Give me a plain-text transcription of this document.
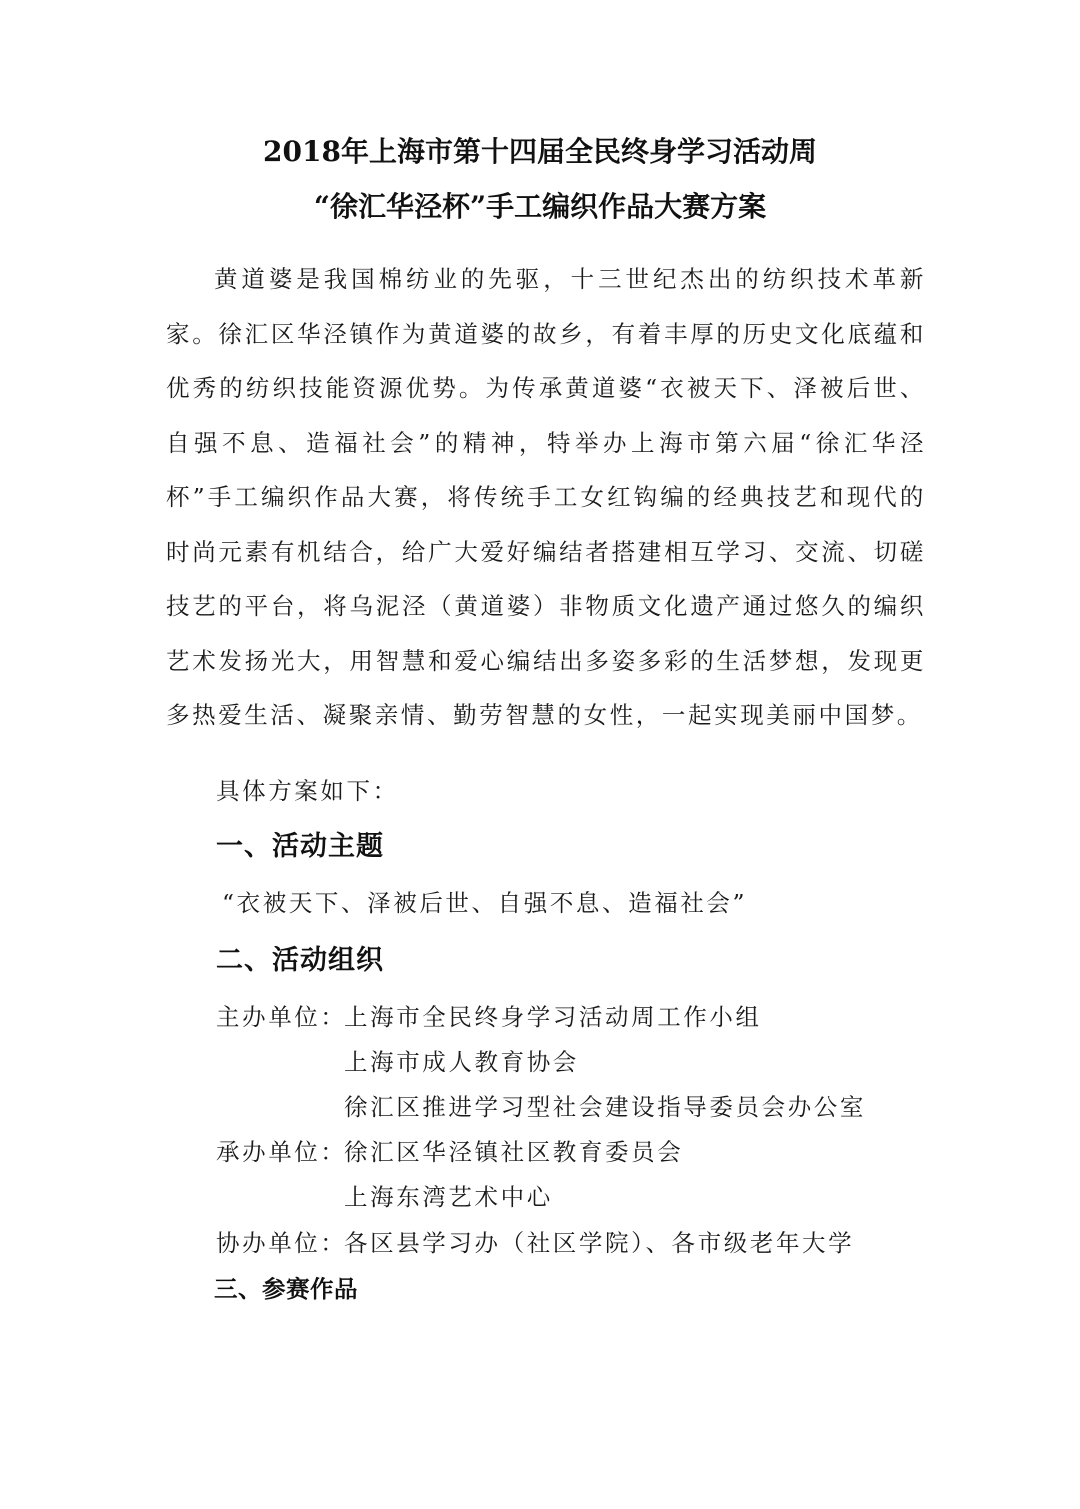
2018年上海市第十四届全民终身学习活动周
“徐汇华泾杯”手工编织作品大赛方案
黄道婆是我国棉纺业的先驱，十三世纪杰出的纺织技术革新家。徐汇区华泾镇作为黄道婆的故乡，有着丰厚的历史文化底蕴和优秀的纺织技能资源优势。为传承黄道婆“衣被天下、泽被后世、自强不息、造福社会”的精神，特举办上海市第六届“徐汇华泾杯”手工编织作品大赛，将传统手工女红钩编的经典技艺和现代的时尚元素有机结合，给广大爱好编结者搭建相互学习、交流、切磋技艺的平台，将乌泥泾（黄道婆）非物质文化遗产通过悠久的编织艺术发扬光大，用智慧和爱心编结出多姿多彩的生活梦想，发现更多热爱生活、凝聚亲情、勤劳智慧的女性，一起实现美丽中国梦。
具体方案如下：
一、活动主题
“衣被天下、泽被后世、自强不息、造福社会”
二、活动组织
主办单位：上海市全民终身学习活动周工作小组
上海市成人教育协会
徐汇区推进学习型社会建设指导委员会办公室
承办单位：徐汇区华泾镇社区教育委员会
上海东湾艺术中心
协办单位：各区县学习办（社区学院）、各市级老年大学
三、参赛作品
